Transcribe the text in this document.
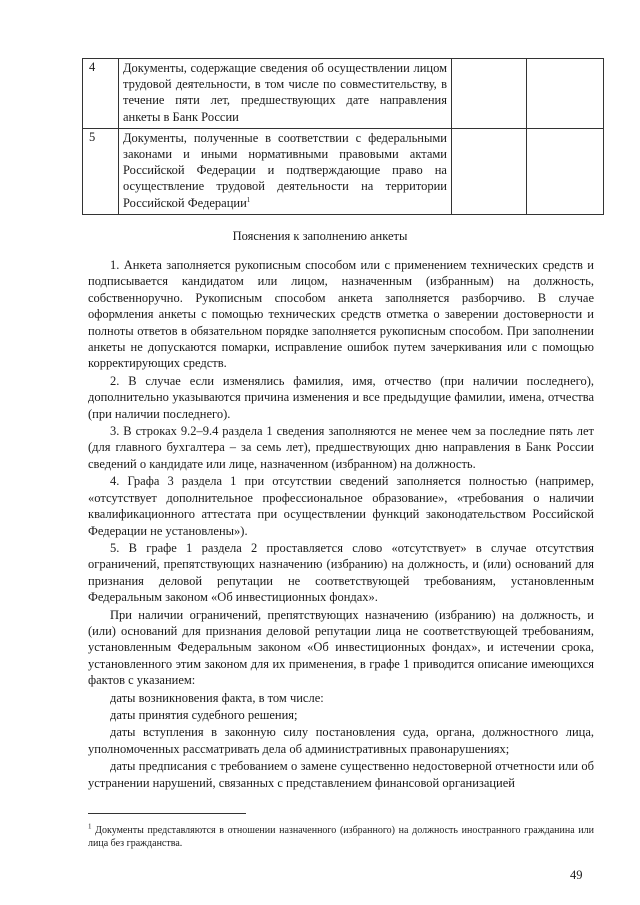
4	Документы, содержащие сведения об осуществлении лицом трудовой деятельности, в том числе по совместительству, в течение пяти лет, предшествующих дате направления анкеты в Банк России		
5	Документы, полученные в соответствии с федеральными законами и иными нормативными правовыми актами Российской Федерации и подтверждающие право на осуществление трудовой деятельности на территории Российской Федерации$^1$		
Пояснения к заполнению анкеты

1. Анкета заполняется рукописным способом или с применением технических средств и подписывается кандидатом или лицом, назначенным (избранным) на должность, собственноручно. Рукописным способом анкета заполняется разборчиво. В случае оформления анкеты с помощью технических средств отметка о заверении достоверности и полноты ответов в обязательном порядке заполняется рукописным способом. При заполнении анкеты не допускаются помарки, исправление ошибок путем зачеркивания или с помощью корректирующих средств.

2. В случае если изменялись фамилия, имя, отчество (при наличии последнего), дополнительно указываются причина изменения и все предыдущие фамилии, имена, отчества (при наличии последнего).

3. В строках 9.2–9.4 раздела 1 сведения заполняются не менее чем за последние пять лет (для главного бухгалтера – за семь лет), предшествующих дню направления в Банк России сведений о кандидате или лице, назначенном (избранном) на должность.

4. Графа 3 раздела 1 при отсутствии сведений заполняется полностью (например, «отсутствует дополнительное профессиональное образование», «требования о наличии квалификационного аттестата при осуществлении функций законодательством Российской Федерации не установлены»).

5. В графе 1 раздела 2 проставляется слово «отсутствует» в случае отсутствия ограничений, препятствующих назначению (избранию) на должность, и (или) оснований для признания деловой репутации не соответствующей требованиям, установленным Федеральным законом «Об инвестиционных фондах».

При наличии ограничений, препятствующих назначению (избранию) на должность, и (или) оснований для признания деловой репутации лица не соответствующей требованиям, установленным Федеральным законом «Об инвестиционных фондах», и истечении срока, установленного этим законом для их применения, в графе 1 приводится описание имеющихся фактов с указанием:

даты возникновения факта, в том числе:

даты принятия судебного решения;

даты вступления в законную силу постановления суда, органа, должностного лица, уполномоченных рассматривать дела об административных правонарушениях;

даты предписания с требованием о замене существенно недостоверной отчетности или об устранении нарушений, связанных с представлением финансовой организацией

$^1$ Документы представляются в отношении назначенного (избранного) на должность иностранного гражданина или лица без гражданства.
49
